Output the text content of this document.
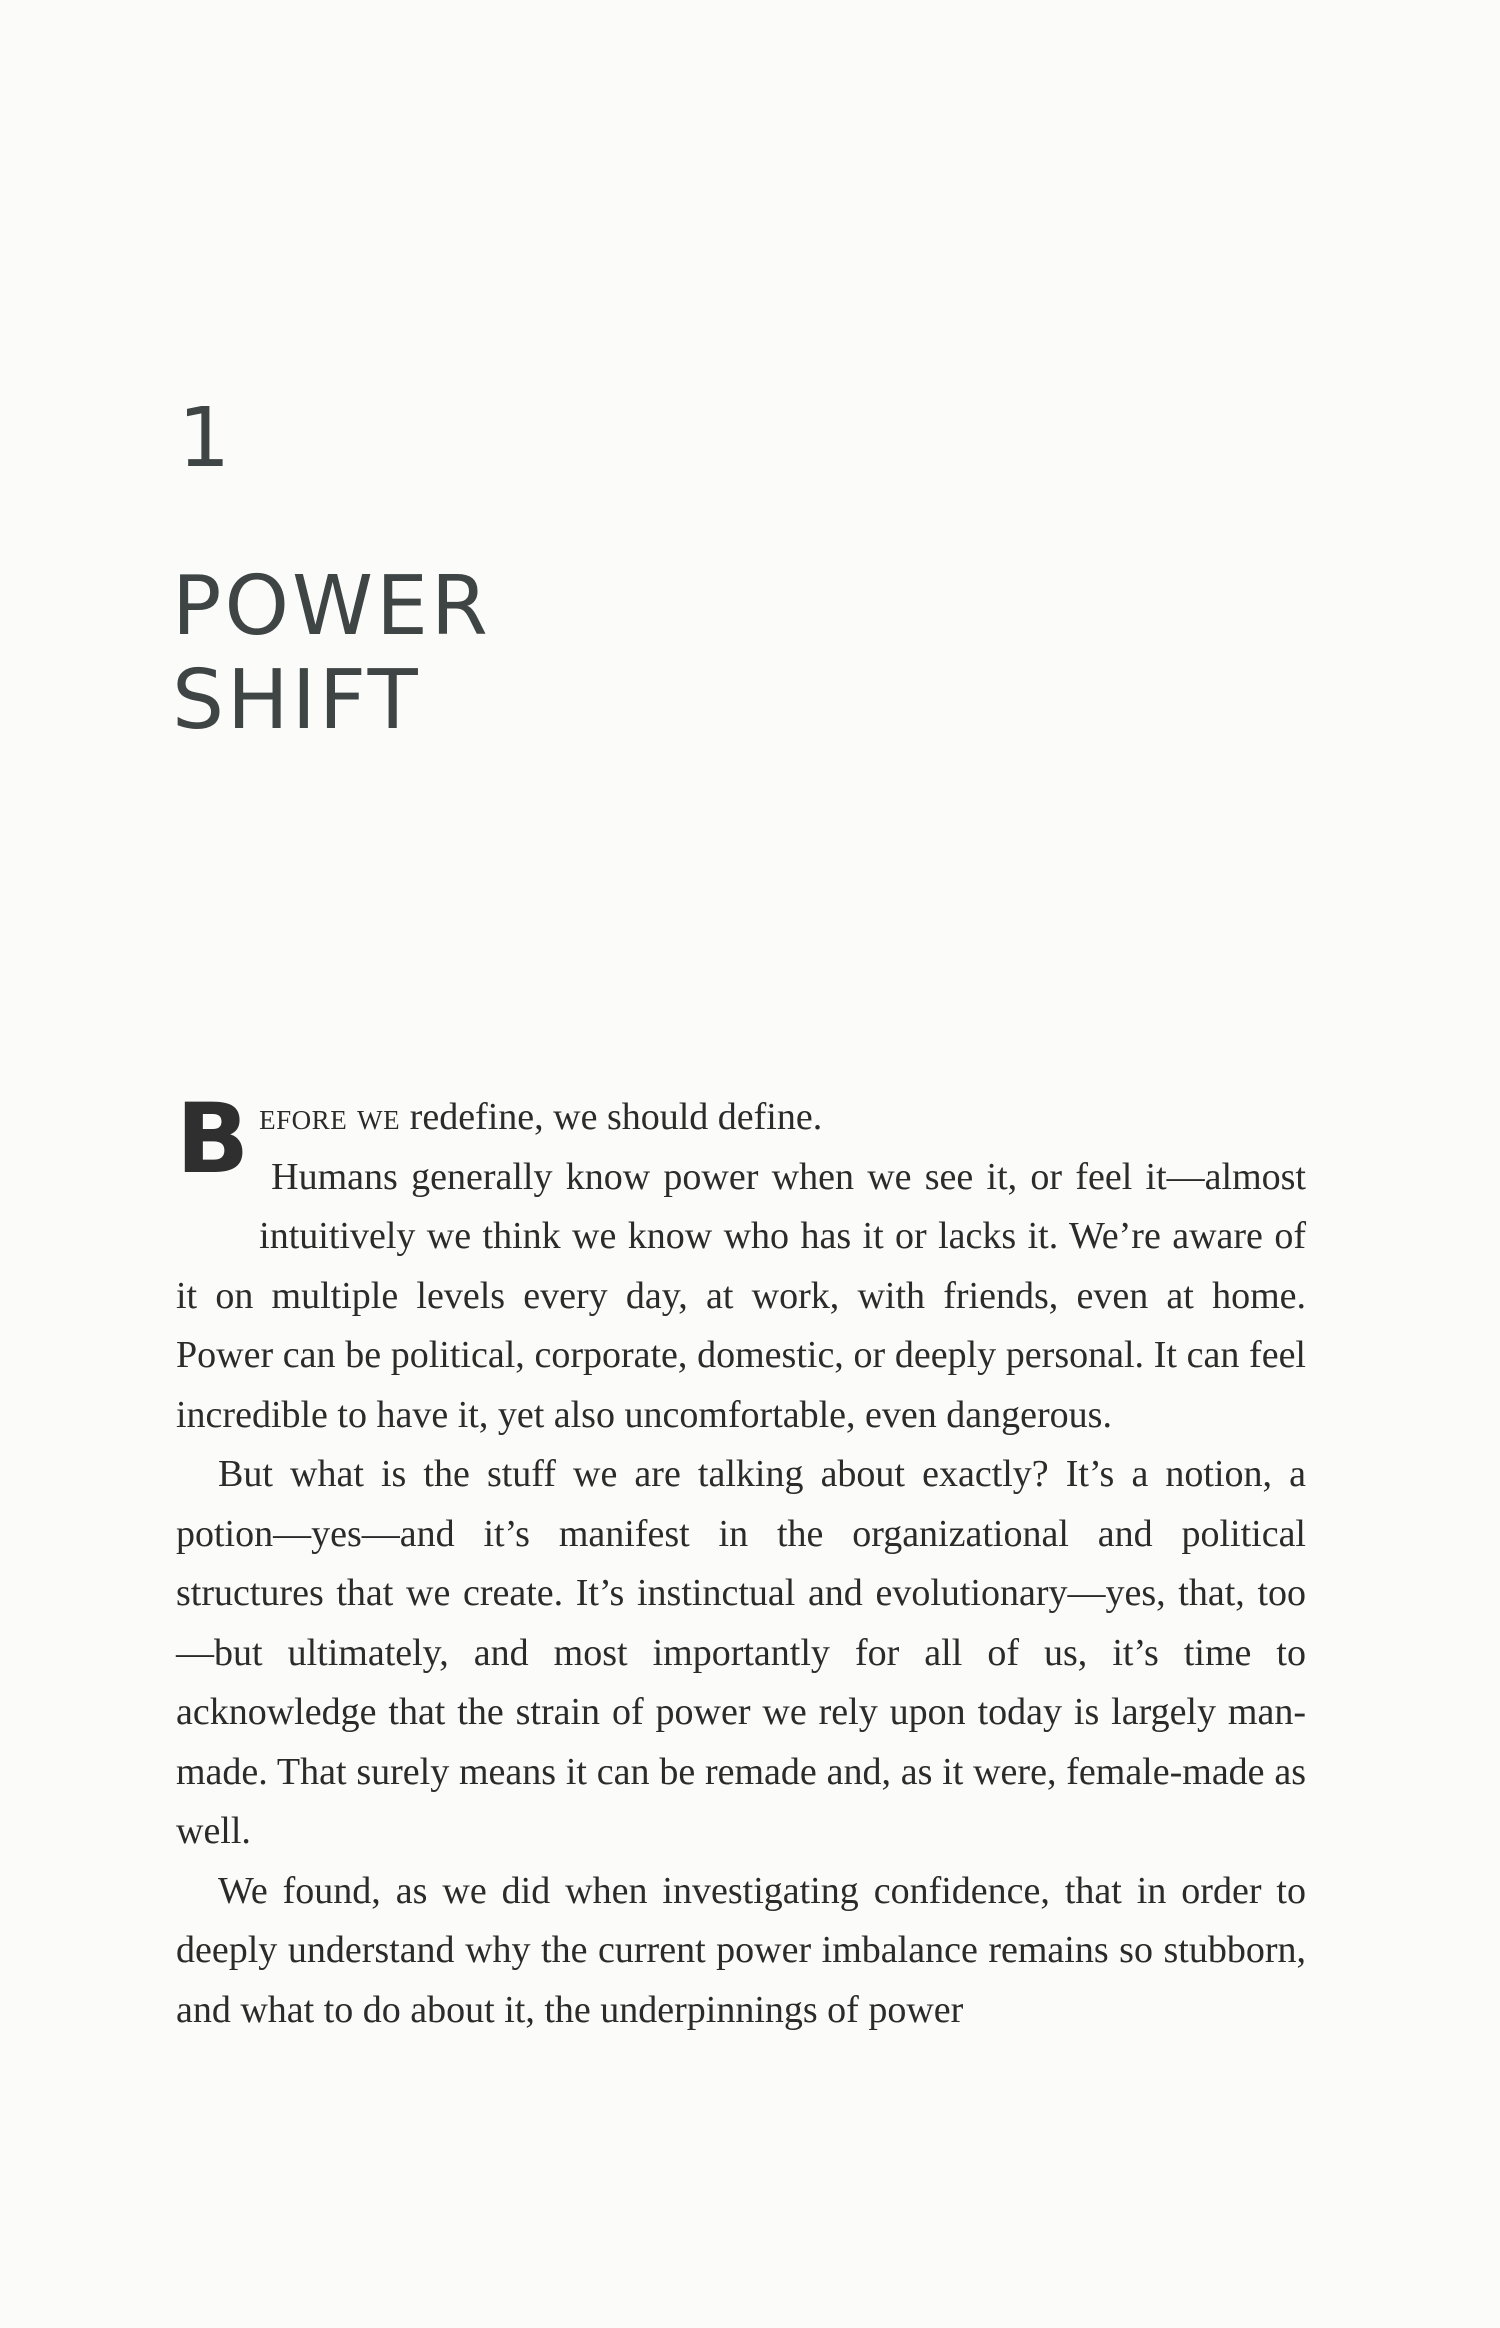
1
POWER
SHIFT

B efore we redefine, we should define.
Humans generally know power when we see it, or feel it—almost intuitively we think we know who has it or lacks it. We’re aware of it on multiple levels every day, at work, with friends, even at home. Power can be political, corporate, domestic, or deeply personal. It can feel incredible to have it, yet also uncomfortable, even dangerous.

But what is the stuff we are talking about exactly? It’s a notion, a potion—yes—and it’s manifest in the organizational and political structures that we create. It’s instinctual and evolutionary—yes, that, too—but ultimately, and most importantly for all of us, it’s time to acknowledge that the strain of power we rely upon today is largely man-made. That surely means it can be remade and, as it were, female-made as well.

We found, as we did when investigating confidence, that in order to deeply understand why the current power imbalance remains so stubborn, and what to do about it, the underpinnings of power
